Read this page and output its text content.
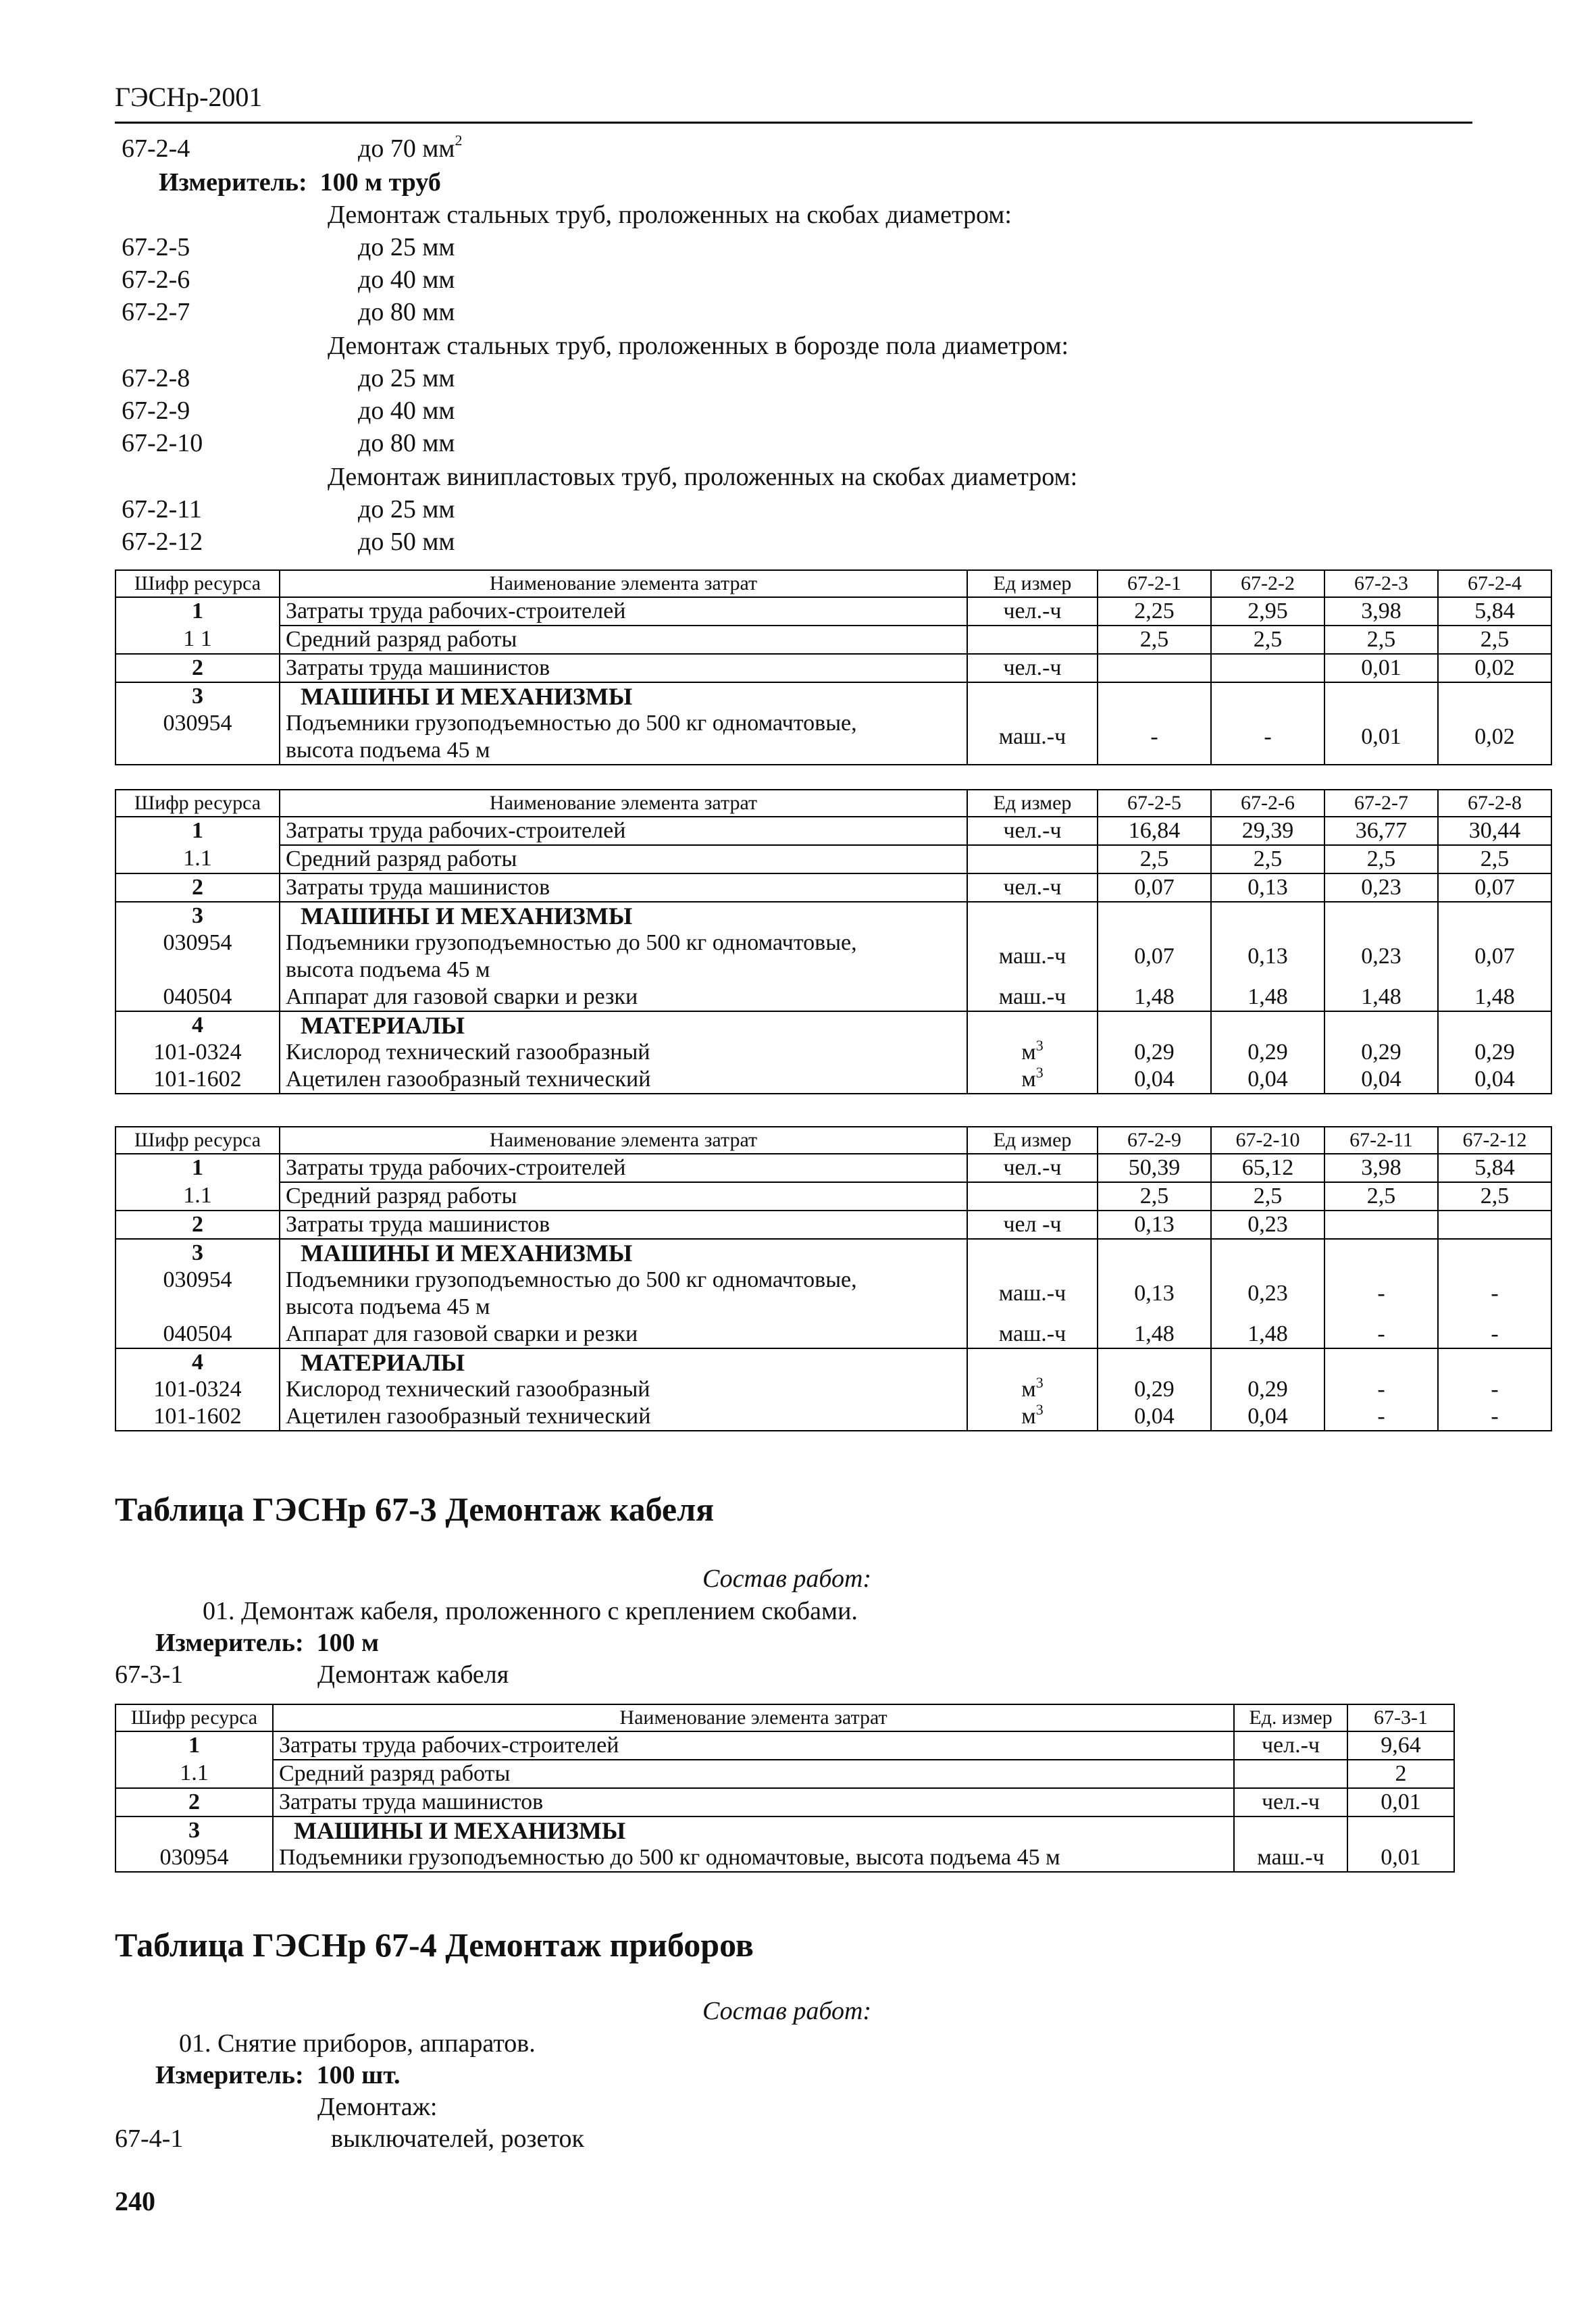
ГЭСНр-2001
67-2-4	до 70 $мм^2$
Измеритель: 100 м труб
Демонтаж стальных труб, проложенных на скобах диаметром:
67-2-5	до 25 мм
67-2-6	до 40 мм
67-2-7	до 80 мм
Демонтаж стальных труб, проложенных в борозде пола диаметром:
67-2-8	до 25 мм
67-2-9	до 40 мм
67-2-10	до 80 мм
Демонтаж винипластовых труб, проложенных на скобах диаметром:
67-2-11	до 25 мм
67-2-12	до 50 мм
Шифр ресурса	Наименование элемента затрат	Ед измер	67-2-1	67-2-2	67-2-3	67-2-4
1	Затраты труда рабочих-строителей	чел.-ч	2,25	2,95	3,98	5,84
1 1	Средний разряд работы		2,5	2,5	2,5	2,5
2	Затраты труда машинистов	чел.-ч			0,01	0,02
3	МАШИНЫ И МЕХАНИЗМЫ					
030954	Подъемники грузоподъемностью до 500 кг одномачтовые,
высота подъема 45 м	маш.-ч	-	-	0,01	0,02
Шифр ресурса	Наименование элемента затрат	Ед измер	67-2-5	67-2-6	67-2-7	67-2-8
1	Затраты труда рабочих-строителей	чел.-ч	16,84	29,39	36,77	30,44
1.1	Средний разряд работы		2,5	2,5	2,5	2,5
2	Затраты труда машинистов	чел.-ч	0,07	0,13	0,23	0,07
3	МАШИНЫ И МЕХАНИЗМЫ					
030954	Подъемники грузоподъемностью до 500 кг одномачтовые,
высота подъема 45 м	маш.-ч	0,07	0,13	0,23	0,07
040504	Аппарат для газовой сварки и резки	маш.-ч	1,48	1,48	1,48	1,48
4	МАТЕРИАЛЫ					
101-0324	Кислород технический газообразный	$м^3$	0,29	0,29	0,29	0,29
101-1602	Ацетилен газообразный технический	$м^3$	0,04	0,04	0,04	0,04
Шифр ресурса	Наименование элемента затрат	Ед измер	67-2-9	67-2-10	67-2-11	67-2-12
1	Затраты труда рабочих-строителей	чел.-ч	50,39	65,12	3,98	5,84
1.1	Средний разряд работы		2,5	2,5	2,5	2,5
2	Затраты труда машинистов	чел -ч	0,13	0,23		
3	МАШИНЫ И МЕХАНИЗМЫ					
030954	Подъемники грузоподъемностью до 500 кг одномачтовые,
высота подъема 45 м	маш.-ч	0,13	0,23	-	-
040504	Аппарат для газовой сварки и резки	маш.-ч	1,48	1,48	-	-
4	МАТЕРИАЛЫ					
101-0324	Кислород технический газообразный	$м^3$	0,29	0,29	-	-
101-1602	Ацетилен газообразный технический	$м^3$	0,04	0,04	-	-
Таблица ГЭСНр 67-3 Демонтаж кабеля
Состав работ:
01. Демонтаж кабеля, проложенного с креплением скобами.
Измеритель: 100 м
67-3-1	Демонтаж кабеля
Шифр ресурса	Наименование элемента затрат	Ед. измер	67-3-1
1	Затраты труда рабочих-строителей	чел.-ч	9,64
1.1	Средний разряд работы		2
2	Затраты труда машинистов	чел.-ч	0,01
3	МАШИНЫ И МЕХАНИЗМЫ		
030954	Подъемники грузоподъемностью до 500 кг одномачтовые, высота подъема 45 м	маш.-ч	0,01
Таблица ГЭСНр 67-4 Демонтаж приборов
Состав работ:
01. Снятие приборов, аппаратов.
Измеритель: 100 шт.
Демонтаж:
67-4-1	выключателей, розеток
240
